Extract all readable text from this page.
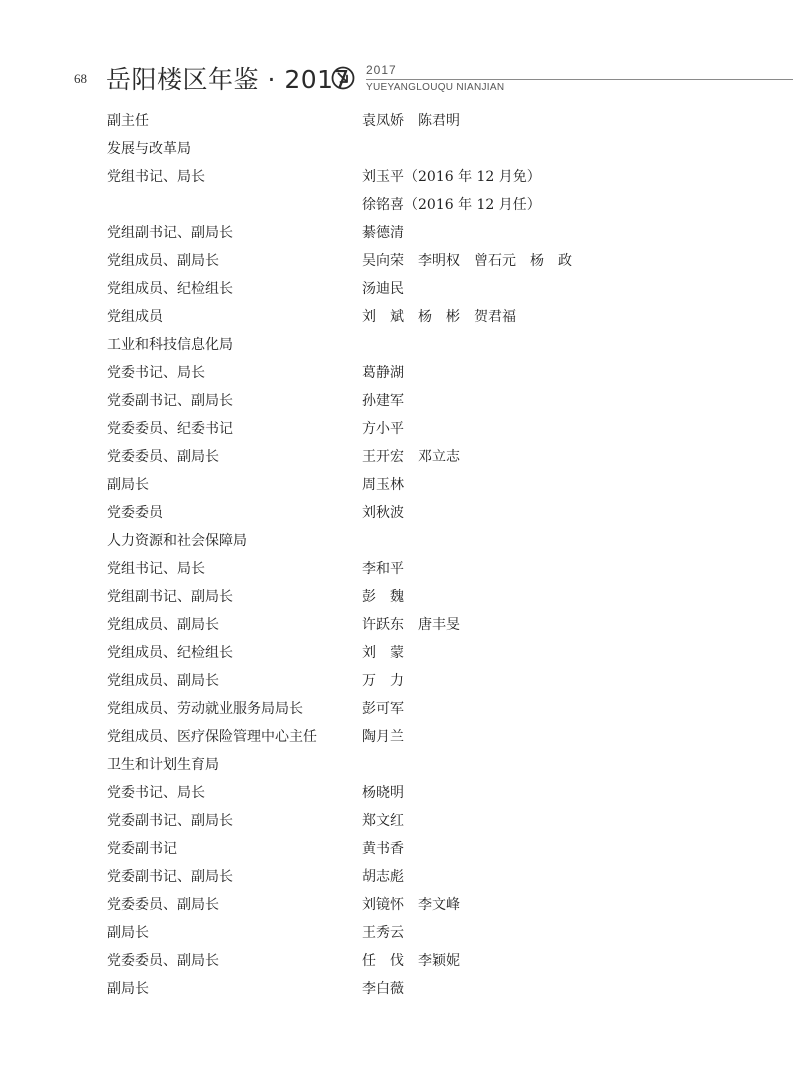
68 岳阳楼区年鉴 · 2017 2017
YUEYANGLOUQU NIANJIAN
副主任	袁凤娇　陈君明
发展与改革局
党组书记、局长	刘玉平（2016 年 12 月免）
徐铭喜（2016 年 12 月任）
党组副书记、副局长	綦德清
党组成员、副局长	吴向荣　李明权　曾石元　杨　政
党组成员、纪检组长	汤迪民
党组成员	刘　斌　杨　彬　贺君福
工业和科技信息化局
党委书记、局长	葛静湖
党委副书记、副局长	孙建军
党委委员、纪委书记	方小平
党委委员、副局长	王开宏　邓立志
副局长	周玉林
党委委员	刘秋波
人力资源和社会保障局
党组书记、局长	李和平
党组副书记、副局长	彭　魏
党组成员、副局长	许跃东　唐丰旻
党组成员、纪检组长	刘　蒙
党组成员、副局长	万　力
党组成员、劳动就业服务局局长	彭可军
党组成员、医疗保险管理中心主任	陶月兰
卫生和计划生育局
党委书记、局长	杨晓明
党委副书记、副局长	郑文红
党委副书记	黄书香
党委副书记、副局长	胡志彪
党委委员、副局长	刘镜怀　李文峰
副局长	王秀云
党委委员、副局长	任　伐　李颖妮
副局长	李白薇
